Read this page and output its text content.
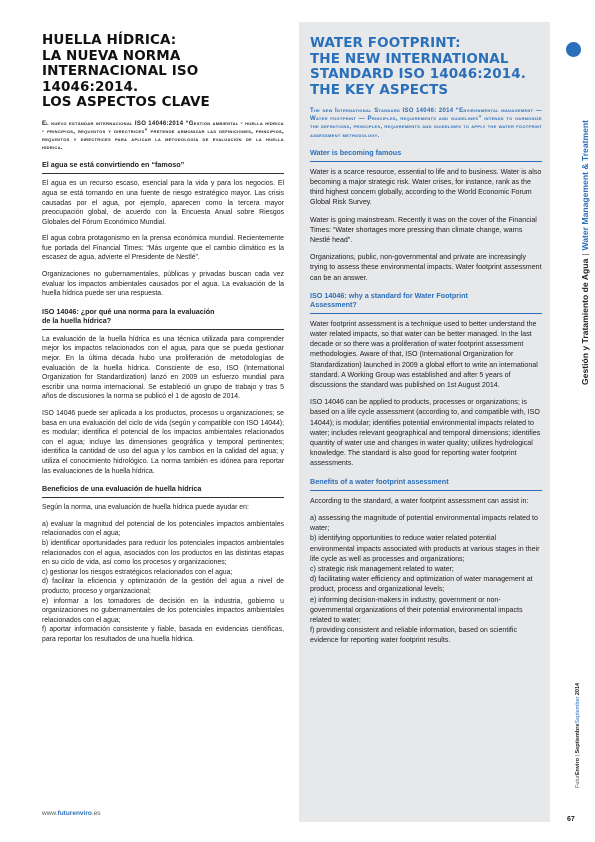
HUELLA HÍDRICA:
LA NUEVA NORMA
INTERNACIONAL ISO 14046:2014.
LOS ASPECTOS CLAVE

El nuevo estándar internacional ISO 14046:2014 “Gestión ambiental - huella hídrica - principios, requisitos y directrices” pretende armonizar las definiciones, principios, requisitos y directrices para aplicar la metodología de evaluación de la huella hídrica.

El agua se está convirtiendo en “famoso”

El agua es un recurso escaso, esencial para la vida y para los negocios. El agua se está tornando en una fuente de riesgo estratégico mayor. Las crisis causadas por el agua, por ejemplo, aparecen como la tercera mayor preocupación global, de acuerdo con la Encuesta Anual sobre Riesgos Globales del Fórum Económico Mundial.

El agua cobra protagonismo en la prensa económica mundial. Recientemente fue portada del Financial Times: “Más urgente que el cambio climático es la escasez de agua, advierte el Presidente de Nestlé”.

Organizaciones no gubernamentales, públicas y privadas buscan cada vez evaluar los impactos ambientales causados por el agua. La evaluación de la huella hídrica puede ser una respuesta.

ISO 14046: ¿por qué una norma para la evaluación
de la huella hídrica?

La evaluación de la huella hídrica es una técnica utilizada para comprender mejor los impactos relacionados con el agua, para que se pueda gestionar mejor. En la última década hubo una proliferación de metodologías de evaluación de la huella hídrica. Consciente de eso, ISO (International Organization for Standardization) lanzó en 2009 un esfuerzo mundial para escribir una norma internacional. Se estableció un grupo de trabajo y tras 5 años de discusiones la norma se publicó el 1 de agosto de 2014.

ISO 14046 puede ser aplicada a los productos, procesos u organizaciones; se basa en una evaluación del ciclo de vida (según y compatible con ISO 14044); es modular; identifica el potencial de los impactos ambientales relacionados con el agua; incluye las dimensiones geográfica y temporal pertinentes; identifica la cantidad de uso del agua y los cambios en la calidad del agua; y utiliza el conocimiento hidrológico. La norma también es idónea para reportar las evaluaciones de la huella hídrica.

Beneficios de una evaluación de huella hídrica

Según la norma, una evaluación de huella hídrica puede ayudar en:

a) evaluar la magnitud del potencial de los potenciales impactos ambientales relacionados con el agua;

b) identificar oportunidades para reducir los potenciales impactos ambientales relacionados con el agua, asociados con los productos en las distintas etapas en su ciclo de vida, así como los procesos y organizaciones;

c) gestionar los riesgos estratégicos relacionados con el agua;

d) facilitar la eficiencia y optimización de la gestión del agua a nivel de producto, proceso y organizacional;

e) informar a los tomadores de decisión en la industria, gobierno u organizaciones no gubernamentales de los potenciales impactos ambientales relacionados con el agua;

f) aportar información consistente y fiable, basada en evidencias científicas, para reportar los resultados de una huella hídrica.

WATER FOOTPRINT:
THE NEW INTERNATIONAL
STANDARD ISO 14046:2014.
THE KEY ASPECTS

The new International Standard ISO 14046: 2014 “Environmental management — Water footprint — Principles, requirements and guidelines” intends to harmonize the definitions, principles, requirements and guidelines to apply the water footprint assessment methodology.

Water is becoming famous

Water is a scarce resource, essential to life and to business. Water is also becoming a major strategic risk. Water crises, for instance, rank as the third highest concern globally, according to the World Economic Forum Global Risk Survey.

Water is going mainstream. Recently it was on the cover of the Financial Times: “Water shortages more pressing than climate change, warns Nestlé head”.

Organizations, public, non-governmental and private are increasingly trying to assess these environmental impacts. Water footprint assessment can be an answer.

ISO 14046: why a standard for Water Footprint
Assessment?

Water footprint assessment is a technique used to better understand the water related impacts, so that water can be better managed. In the last decade or so there was a proliferation of water footprint assessment methodologies. Aware of that, ISO (International Organization for Standardization) launched in 2009 a global effort to write an international standard. A Working Group was established and after 5 years of discussions the standard was published on 1st August 2014.

ISO 14046 can be applied to products, processes or organizations; is based on a life cycle assessment (according to, and compatible with, ISO 14044); is modular; identifies potential environmental impacts related to water; includes relevant geographical and temporal dimensions; identifies quantity of water use and changes in water quality; utilizes hydrological knowledge. The standard is also good for reporting water footprint assessments.

Benefits of a water footprint assessment

According to the standard, a water footprint assessment can assist in:

a) assessing the magnitude of potential environmental impacts related to water;

b) identifying opportunities to reduce water related potential environmental impacts associated with products at various stages in their life cycle as well as processes and organizations;

c) strategic risk management related to water;

d) facilitating water efficiency and optimization of water management at product, process and organizational levels;

e) informing decision-makers in industry, government or non-governmental organizations of their potential environmental impacts related to water;

f) providing consistent and reliable information, based on scientific evidence for reporting water footprint results.

Gestión y Tratamiento de Agua|Water Management & Treatment
FuturEnviro | SeptiembreSeptember 2014
www.futurenviro.es
67
